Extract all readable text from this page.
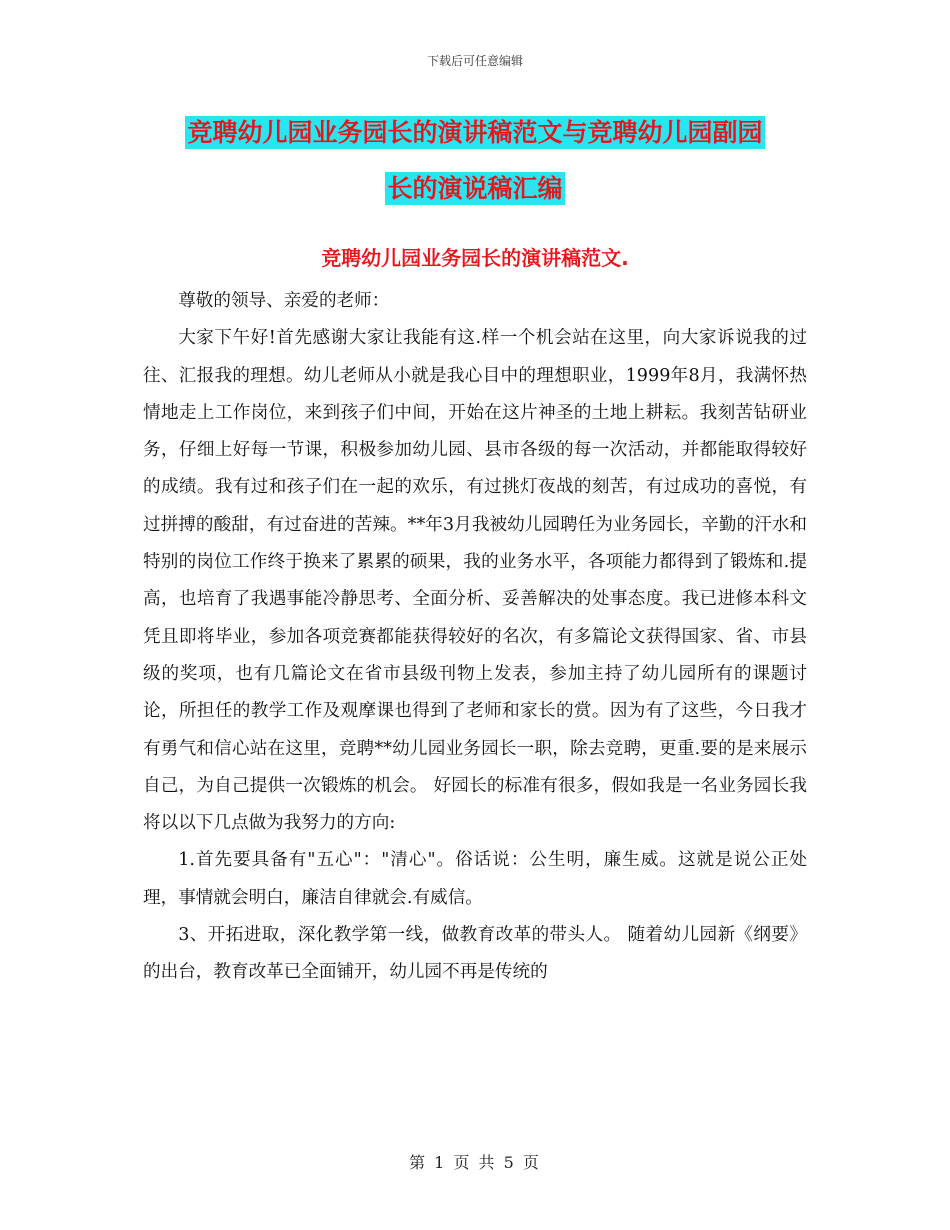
下载后可任意编辑
竞聘幼儿园业务园长的演讲稿范文与竞聘幼儿园副园
长的演说稿汇编
竞聘幼儿园业务园长的演讲稿范文.

尊敬的领导、亲爱的老师：

大家下午好!首先感谢大家让我能有这.样一个机会站在这里，向大家诉说我的过往、汇报我的理想。幼儿老师从小就是我心目中的理想职业，1999年8月，我满怀热情地走上工作岗位，来到孩子们中间，开始在这片神圣的土地上耕耘。我刻苦钻研业务，仔细上好每一节课，积极参加幼儿园、县市各级的每一次活动，并都能取得较好的成绩。我有过和孩子们在一起的欢乐，有过挑灯夜战的刻苦，有过成功的喜悦，有过拼搏的酸甜，有过奋进的苦辣。**年3月我被幼儿园聘任为业务园长，辛勤的汗水和特别的岗位工作终于换来了累累的硕果，我的业务水平，各项能力都得到了锻炼和.提高，也培育了我遇事能冷静思考、全面分析、妥善解决的处事态度。我已进修本科文凭且即将毕业，参加各项竞赛都能获得较好的名次，有多篇论文获得国家、省、市县级的奖项，也有几篇论文在省市县级刊物上发表，参加主持了幼儿园所有的课题讨论，所担任的教学工作及观摩课也得到了老师和家长的赏。因为有了这些，今日我才有勇气和信心站在这里，竞聘**幼儿园业务园长一职，除去竞聘，更重.要的是来展示自己，为自己提供一次锻炼的机会。 好园长的标准有很多，假如我是一名业务园长我将以以下几点做为我努力的方向:

1.首先要具备有"五心"："清心"。俗话说：公生明，廉生威。这就是说公正处理，事情就会明白，廉洁自律就会.有威信。

3、开拓进取，深化教学第一线，做教育改革的带头人。 随着幼儿园新《纲要》的出台，教育改革已全面铺开，幼儿园不再是传统的

第 1 页 共 5 页
